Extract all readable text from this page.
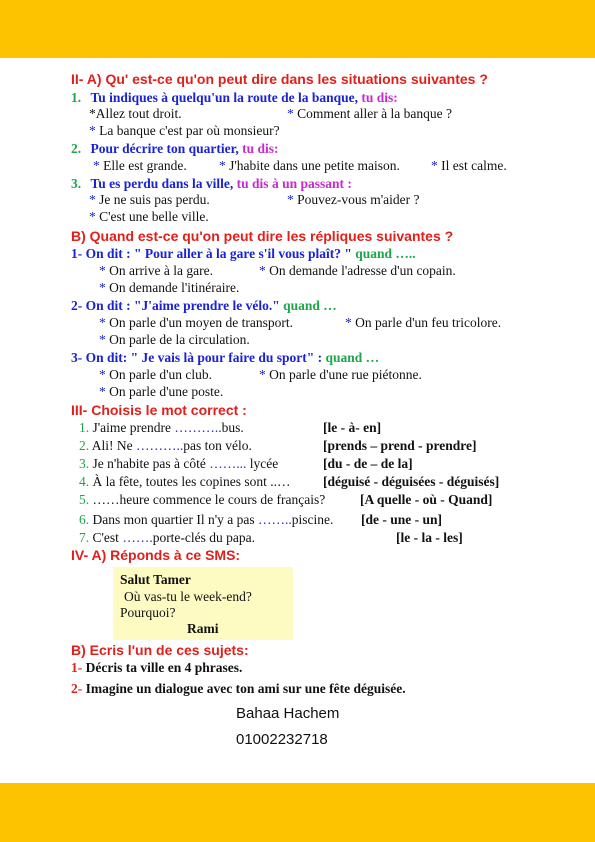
II- A) Qu' est-ce qu'on peut dire dans les situations suivantes ?
1. Tu indiques à quelqu'un la route de la banque, tu dis:
*Allez tout droit.	* Comment aller à la banque ?
* La banque c'est par où monsieur?
2. Pour décrire ton quartier, tu dis:
* Elle est grande. * J'habite dans une petite maison. * Il est calme.
3. Tu es perdu dans la ville, tu dis à un passant :
* Je ne suis pas perdu.	* Pouvez-vous m'aider ?
* C'est une belle ville.
B) Quand est-ce qu'on peut dire les répliques suivantes ?
1- On dit : " Pour aller à la gare s'il vous plaît? " quand …..
* On arrive à la gare.	* On demande l'adresse d'un copain.
* On demande l'itinéraire.
2- On dit : "J'aime prendre le vélo." quand …
* On parle d'un moyen de transport.	* On parle d'un feu tricolore.
* On parle de la circulation.
3- On dit: " Je vais là pour faire du sport" : quand …
* On parle d'un club.	* On parle d'une rue piétonne.
* On parle d'une poste.
III- Choisis le mot correct :
1. J'aime prendre ………..bus.	[le - à- en]
2. Ali! Ne ………..pas ton vélo.	[prends – prend - prendre]
3. Je n'habite pas à côté ……... lycée	[du - de – de la]
4. À la fête, toutes les copines sont ..… [déguisé - déguisées - déguisés]
5. ……heure commence le cours de français?	[A quelle - où - Quand]
6. Dans mon quartier Il n'y a pas ……..piscine. [de - une - un]
7. C'est …….porte-clés du papa.	[le - la - les]
IV- A) Réponds à ce SMS:
Salut Tamer
Où vas-tu le week-end?
Pourquoi?
Rami
B) Ecris l'un de ces sujets:
1- Décris ta ville en 4 phrases.
2- Imagine un dialogue avec ton ami sur une fête déguisée.
Bahaa Hachem
01002232718
